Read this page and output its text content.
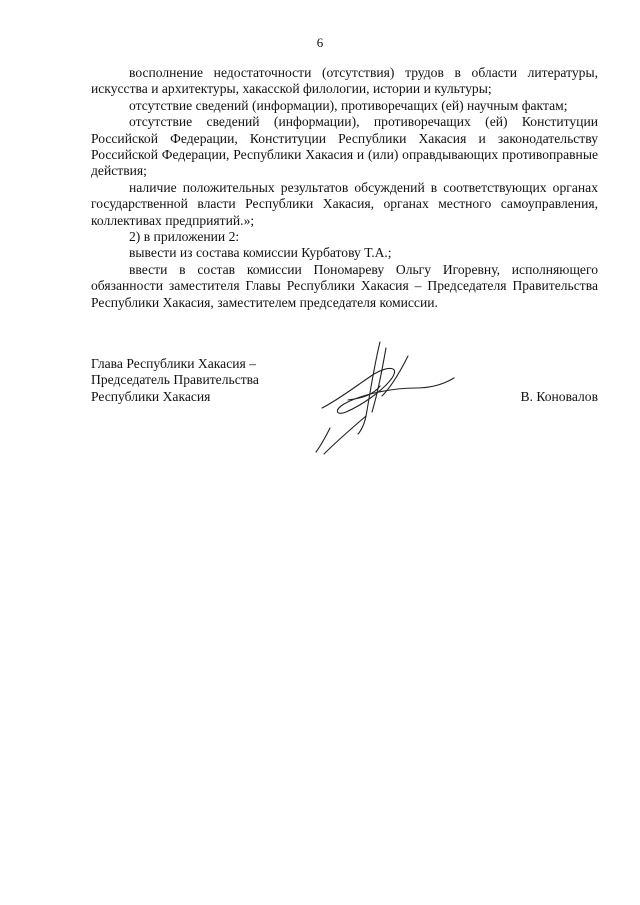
6

восполнение недостаточности (отсутствия) трудов в области литературы, искусства и архитектуры, хакасской филологии, истории и культуры;

отсутствие сведений (информации), противоречащих (ей) научным фактам;

отсутствие сведений (информации), противоречащих (ей) Конституции Российской Федерации, Конституции Республики Хакасия и законодательству Российской Федерации, Республики Хакасия и (или) оправдывающих противоправные действия;

наличие положительных результатов обсуждений в соответствующих органах государственной власти Республики Хакасия, органах местного самоуправления, коллективах предприятий.»;

2) в приложении 2:

вывести из состава комиссии Курбатову Т.А.;

ввести в состав комиссии Пономареву Ольгу Игоревну, исполняющего обязанности заместителя Главы Республики Хакасия – Председателя Правительства Республики Хакасия, заместителем председателя комиссии.

Глава Республики Хакасия –
Председатель Правительства
Республики Хакасия	В. Коновалов
